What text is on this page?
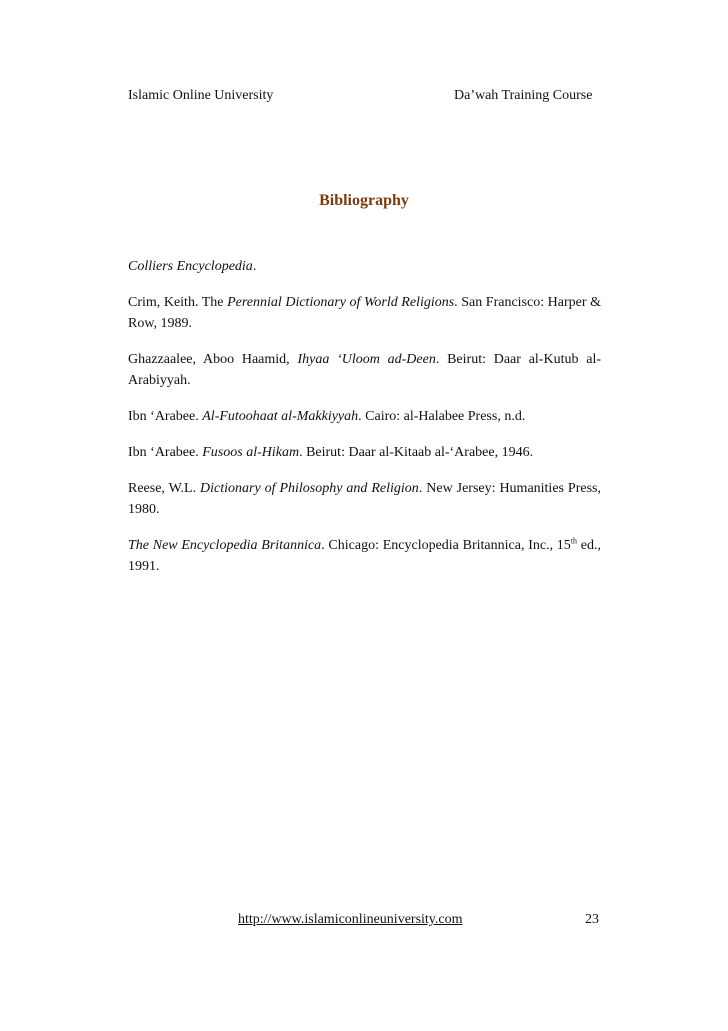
Islamic Online University	Da’wah Training Course
Bibliography

Colliers Encyclopedia.

Crim, Keith. The Perennial Dictionary of World Religions. San Francisco: Harper & Row, 1989.

Ghazzaalee, Aboo Haamid, Ihyaa ‘Uloom ad-Deen. Beirut: Daar al-Kutub al-Arabiyyah.

Ibn ‘Arabee. Al-Futoohaat al-Makkiyyah. Cairo: al-Halabee Press, n.d.

Ibn ‘Arabee. Fusoos al-Hikam. Beirut: Daar al-Kitaab al-‘Arabee, 1946.

Reese, W.L. Dictionary of Philosophy and Religion. New Jersey: Humanities Press, 1980.

The New Encyclopedia Britannica. Chicago: Encyclopedia Britannica, Inc., 15th ed., 1991.

http://www.islamiconlineuniversity.com	23
